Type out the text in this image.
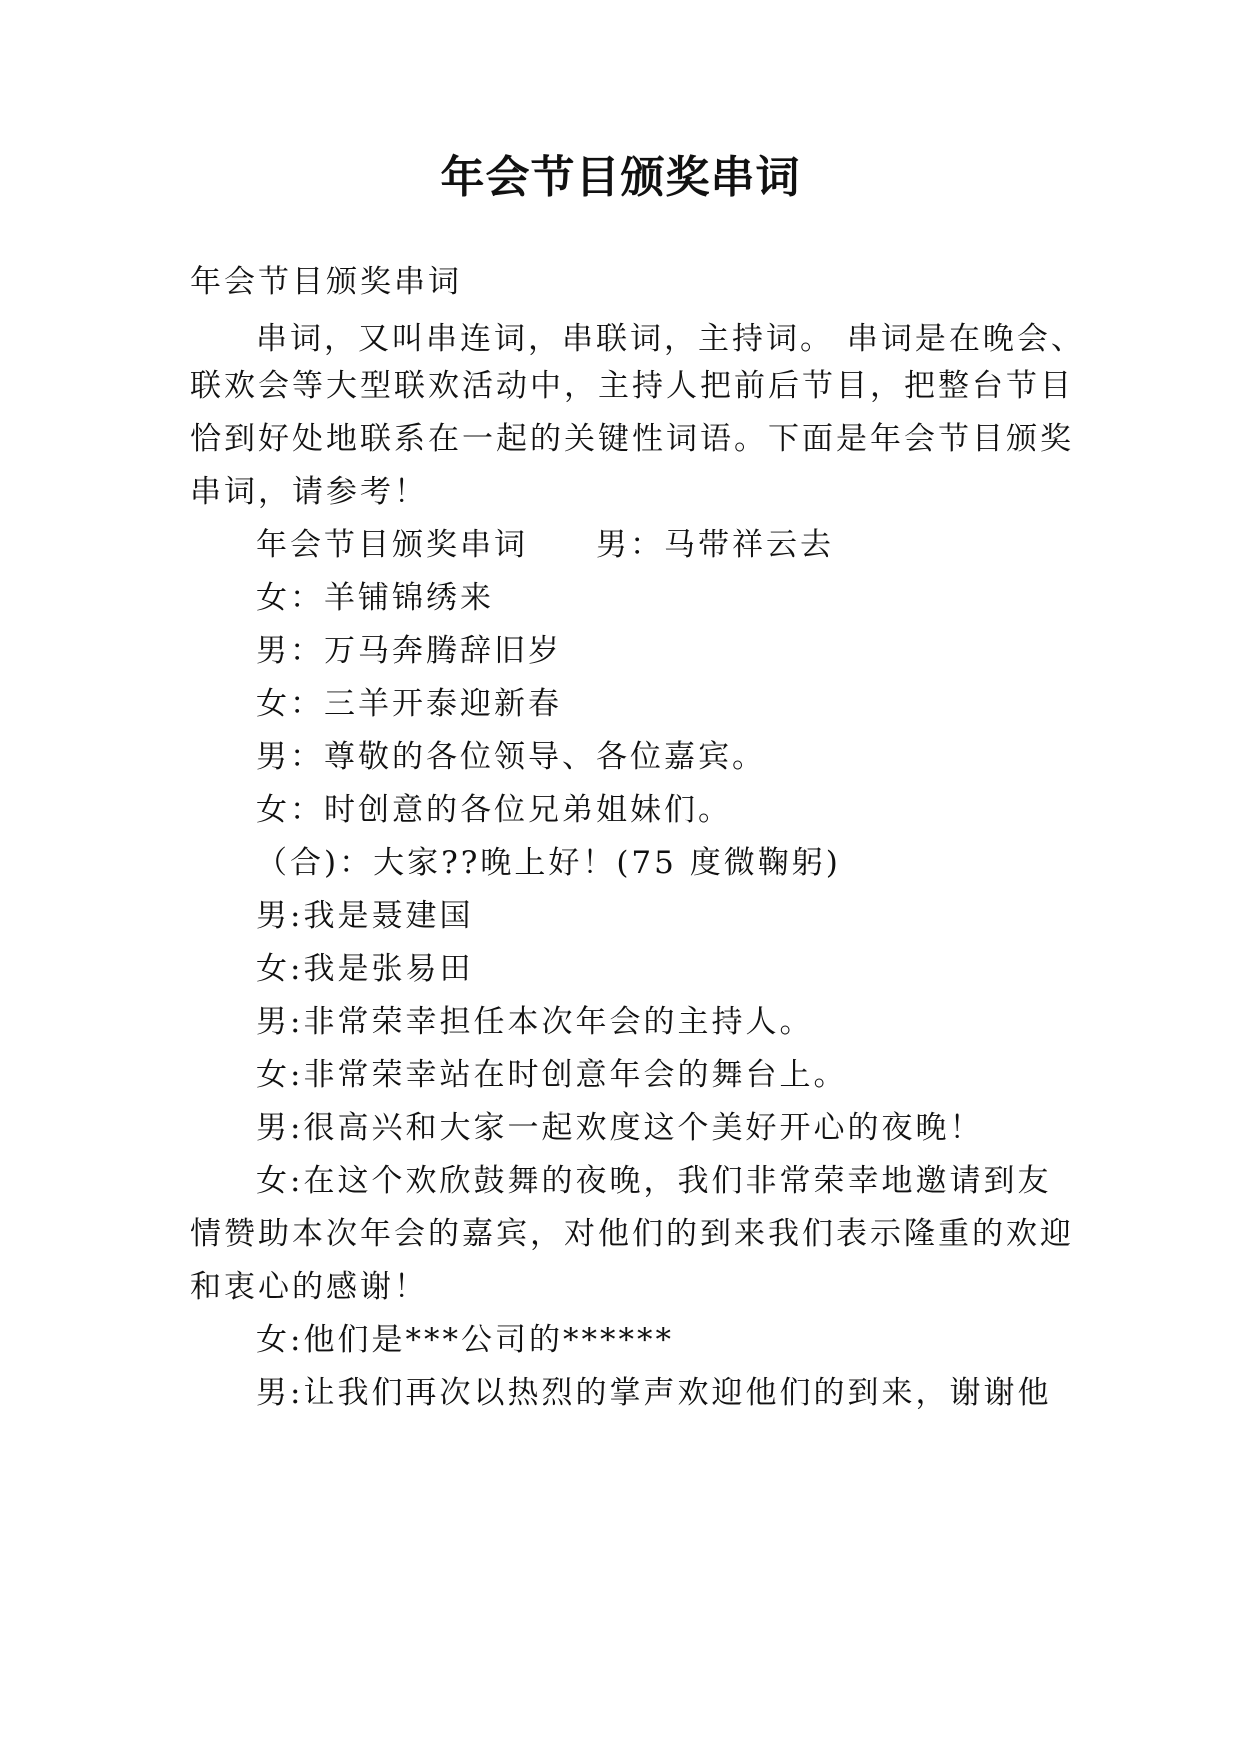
年会节目颁奖串词
年会节目颁奖串词
串词，又叫串连词，串联词，主持词。 串词是在晚会、
联欢会等大型联欢活动中，主持人把前后节目，把整台节目
恰到好处地联系在一起的关键性词语。下面是年会节目颁奖
串词，请参考！
年会节目颁奖串词　　男：马带祥云去
女：羊铺锦绣来
男：万马奔腾辞旧岁
女：三羊开泰迎新春
男：尊敬的各位领导、各位嘉宾。
女：时创意的各位兄弟姐妹们。
（合)：大家??晚上好！(75 度微鞠躬)
男:我是聂建国
女:我是张易田
男:非常荣幸担任本次年会的主持人。
女:非常荣幸站在时创意年会的舞台上。
男:很高兴和大家一起欢度这个美好开心的夜晚！
女:在这个欢欣鼓舞的夜晚，我们非常荣幸地邀请到友
情赞助本次年会的嘉宾，对他们的到来我们表示隆重的欢迎
和衷心的感谢！
女:他们是***公司的******
男:让我们再次以热烈的掌声欢迎他们的到来，谢谢他
